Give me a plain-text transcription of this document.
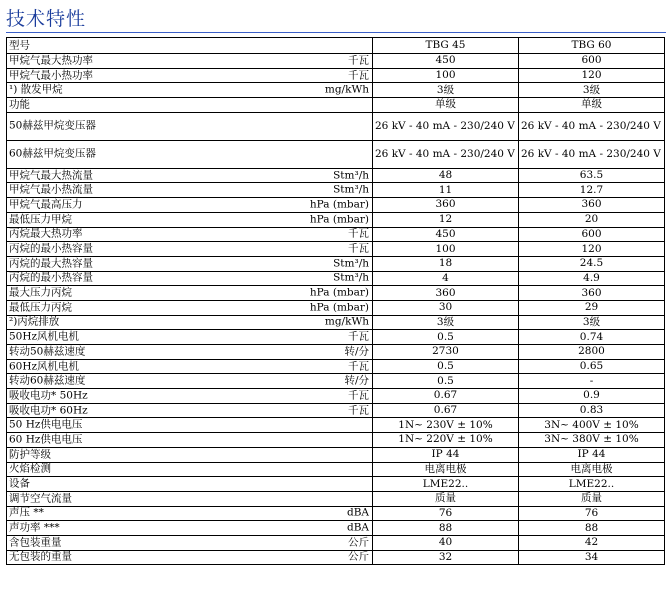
技术特性
型号	TBG 45	TBG 60

甲烷气最大热功率 千瓦	450	600

甲烷气最小热功率 千瓦	100	120

¹) 散发甲烷 mg/kWh	3级	3级

功能	单级	单级

50赫兹甲烷变压器	26 kV - 40 mA - 230/240 V	26 kV - 40 mA - 230/240 V

60赫兹甲烷变压器	26 kV - 40 mA - 230/240 V	26 kV - 40 mA - 230/240 V

甲烷气最大热流量 Stm³/h	48	63.5

甲烷气最小热流量 Stm³/h	11	12.7

甲烷气最高压力 hPa (mbar)	360	360

最低压力甲烷 hPa (mbar)	12	20

丙烷最大热功率 千瓦	450	600

丙烷的最小热容量 千瓦	100	120

丙烷的最大热容量 Stm³/h	18	24.5

丙烷的最小热容量 Stm³/h	4	4.9

最大压力丙烷 hPa (mbar)	360	360

最低压力丙烷 hPa (mbar)	30	29

²)丙烷排放 mg/kWh	3级	3级

50Hz风机电机 千瓦	0.5	0.74

转动50赫兹速度 转/分	2730	2800

60Hz风机电机 千瓦	0.5	0.65

转动60赫兹速度 转/分	0.5	-

吸收电功* 50Hz 千瓦	0.67	0.9

吸收电功* 60Hz 千瓦	0.67	0.83

50 Hz供电电压	1N~ 230V ± 10%	3N~ 400V ± 10%

60 Hz供电电压	1N~ 220V ± 10%	3N~ 380V ± 10%

防护等级	IP 44	IP 44

火焰检测	电离电极	电离电极

设备	LME22..	LME22..

调节空气流量	质量	质量

声压 ** dBA	76	76

声功率 *** dBA	88	88

含包装重量 公斤	40	42

无包装的重量 公斤	32	34
